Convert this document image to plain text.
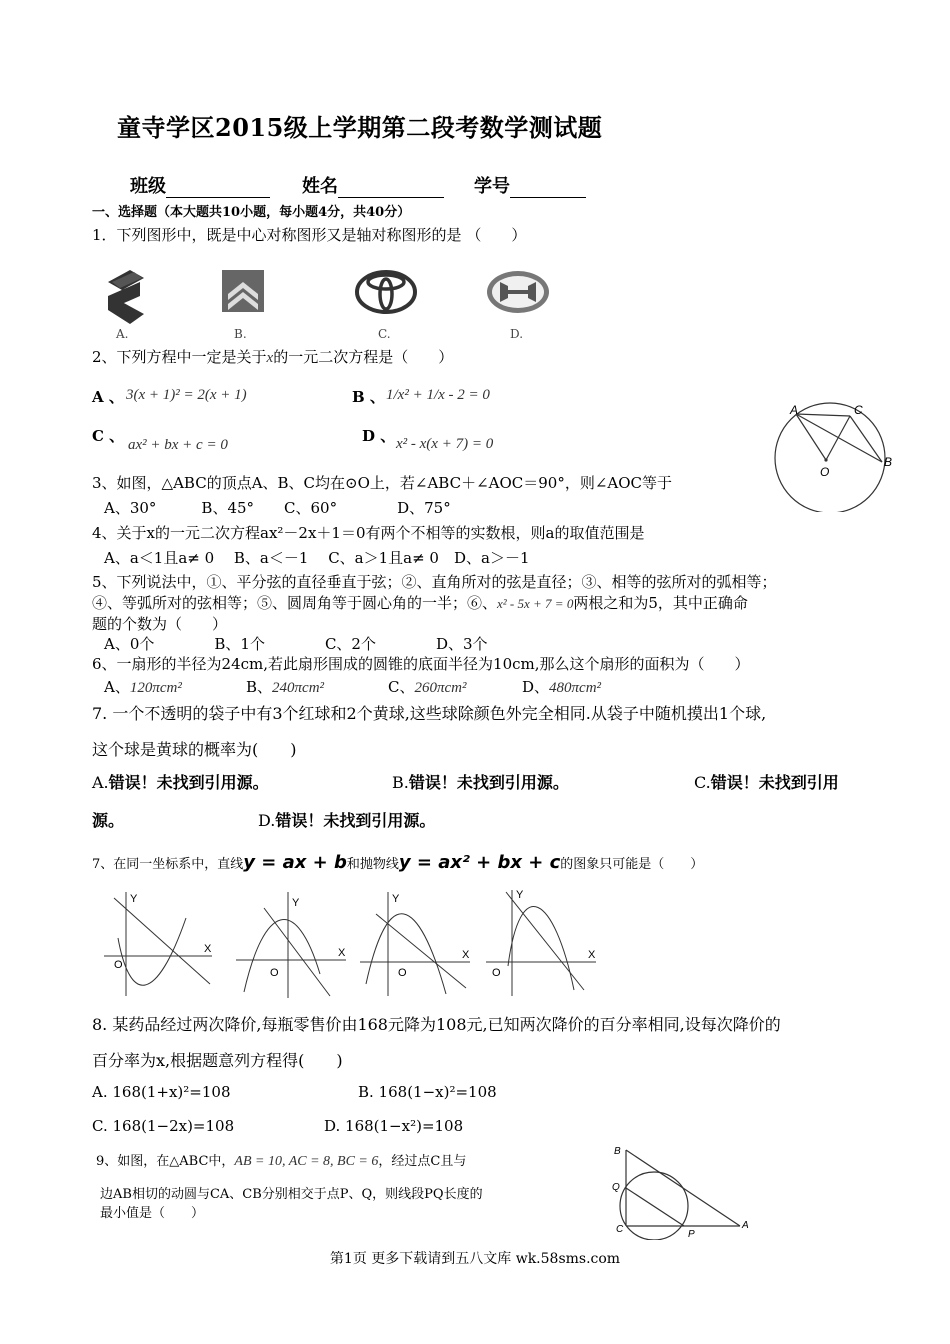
童寺学区2015级上学期第二段考数学测试题
班级	姓名	学号
一、选择题（本大题共10小题，每小题4分，共40分）
1．下列图形中，既是中心对称图形又是轴对称图形的是 （　　）
A.	B.	C.	D.
2、下列方程中一定是关于x的一元二次方程是（　　）
A 、 3(x + 1)² = 2(x + 1)	B 、 1/x² + 1/x - 2 = 0
C 、 ax² + bx + c = 0	D 、 x² - x(x + 7) = 0
A	C
B
O
3、如图，△ABC的顶点A、B、C均在⊙O上，若∠ABC＋∠AOC＝90°，则∠AOC等于
A、30°　　　B、45°　　C、60°　　　　D、75°
4、关于x的一元二次方程ax²－2x＋1＝0有两个不相等的实数根，则a的取值范围是
A、a＜1且a≠ 0　 B、a＜－1　 C、a＞1且a≠ 0　D、a＞－1
5、下列说法中，①、平分弦的直径垂直于弦；②、直角所对的弦是直径；③、相等的弦所对的弧相等；
④、等弧所对的弦相等；⑤、圆周角等于圆心角的一半；⑥、x² - 5x + 7 = 0两根之和为5，其中正确命
题的个数为（　　）
A、0个　　　　B、1个　　　　C、2个　　　　D、3个
6、一扇形的半径为24cm,若此扇形围成的圆锥的底面半径为10cm,那么这个扇形的面积为（　　）
A、120πcm²	B、240πcm²	C、260πcm²	D、480πcm²
7. 一个不透明的袋子中有3个红球和2个黄球,这些球除颜色外完全相同.从袋子中随机摸出1个球,
这个球是黄球的概率为(　　)
A.错误！未找到引用源。	B.错误！未找到引用源。	C.错误！未找到引用
源。	D.错误！未找到引用源。
7、在同一坐标系中，直线y = ax + b和抛物线y = ax² + bx + c的图象只可能是（　　）
Y
X
O
Y
X
O
Y
X
O
Y
X
O
8. 某药品经过两次降价,每瓶零售价由168元降为108元,已知两次降价的百分率相同,设每次降价的
百分率为x,根据题意列方程得(　　)
A. 168(1+x)²=108	B. 168(1−x)²=108
C. 168(1−2x)=108	D. 168(1−x²)=108
9、如图，在△ABC中，AB = 10, AC = 8, BC = 6，经过点C且与
边AB相切的动圆与CA、CB分别相交于点P、Q，则线段PQ长度的
最小值是（　　）
B
Q
C	P
A
第1页 更多下载请到五八文库 wk.58sms.com
